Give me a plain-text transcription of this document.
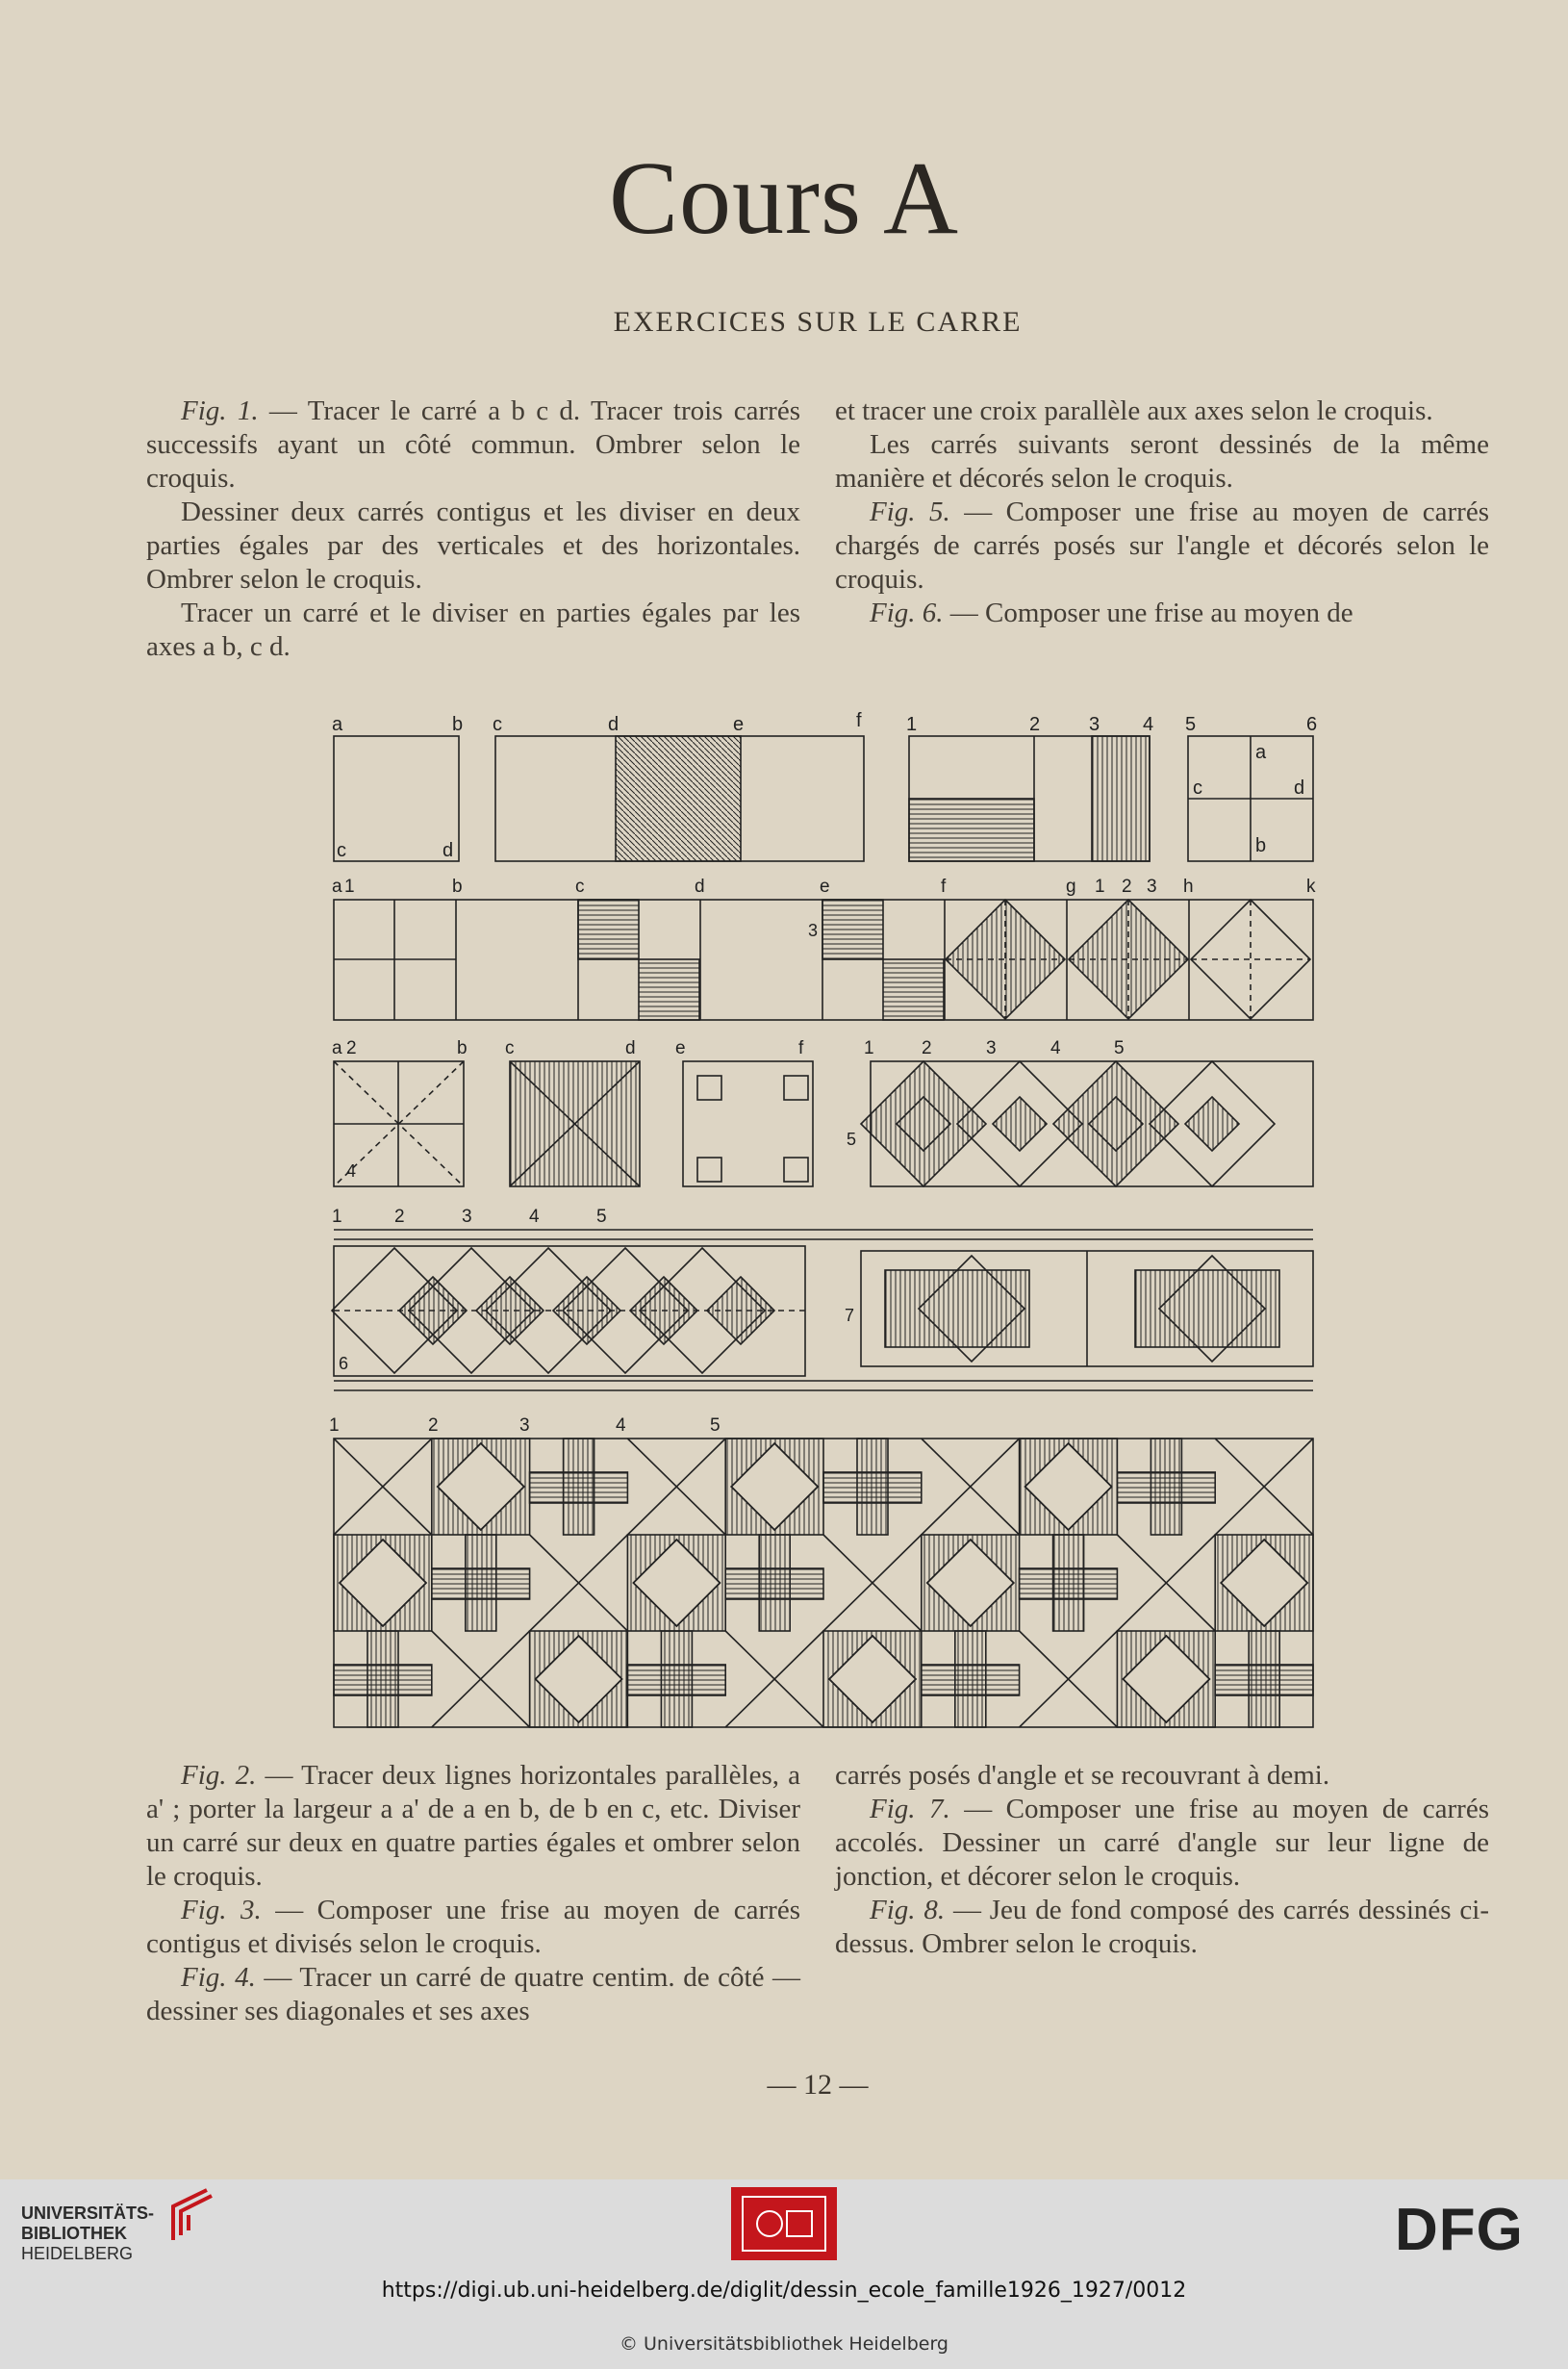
Cours A
EXERCICES SUR LE CARRE

Fig. 1. — Tracer le carré a b c d. Tracer trois carrés successifs ayant un côté commun. Ombrer selon le croquis.

Dessiner deux carrés contigus et les diviser en deux parties égales par des verticales et des horizontales. Ombrer selon le croquis.

Tracer un carré et le diviser en parties égales par les axes a b, c d.

et tracer une croix parallèle aux axes selon le croquis.

Les carrés suivants seront dessinés de la même manière et décorés selon le croquis.

Fig. 5. — Composer une frise au moyen de carrés chargés de carrés posés sur l'angle et décorés selon le croquis.

Fig. 6. — Composer une frise au moyen de

a	b
c	d
c	d	e	f 1	2	3 4 5	6
a
c	d
b
a 1	b	c	d	e	f	g 1 2 3 h	k
3
4
a 2	b c	d e	f	1	2	3	4	5
5
1	2	3	4	5
6
7
1	2	3	4	5

Fig. 2. — Tracer deux lignes horizontales parallèles, a a' ; porter la largeur a a' de a en b, de b en c, etc. Diviser un carré sur deux en quatre parties égales et ombrer selon le croquis.

Fig. 3. — Composer une frise au moyen de carrés contigus et divisés selon le croquis.

Fig. 4. — Tracer un carré de quatre centim. de côté — dessiner ses diagonales et ses axes

carrés posés d'angle et se recouvrant à demi.

Fig. 7. — Composer une frise au moyen de carrés accolés. Dessiner un carré d'angle sur leur ligne de jonction, et décorer selon le croquis.

Fig. 8. — Jeu de fond composé des carrés dessinés ci-dessus. Ombrer selon le croquis.

— 12 —
UNIVERSITÄTS-
BIBLIOTHEK
HEIDELBERG	DFG
https://digi.ub.uni-heidelberg.de/diglit/dessin_ecole_famille1926_1927/0012
© Universitätsbibliothek Heidelberg
